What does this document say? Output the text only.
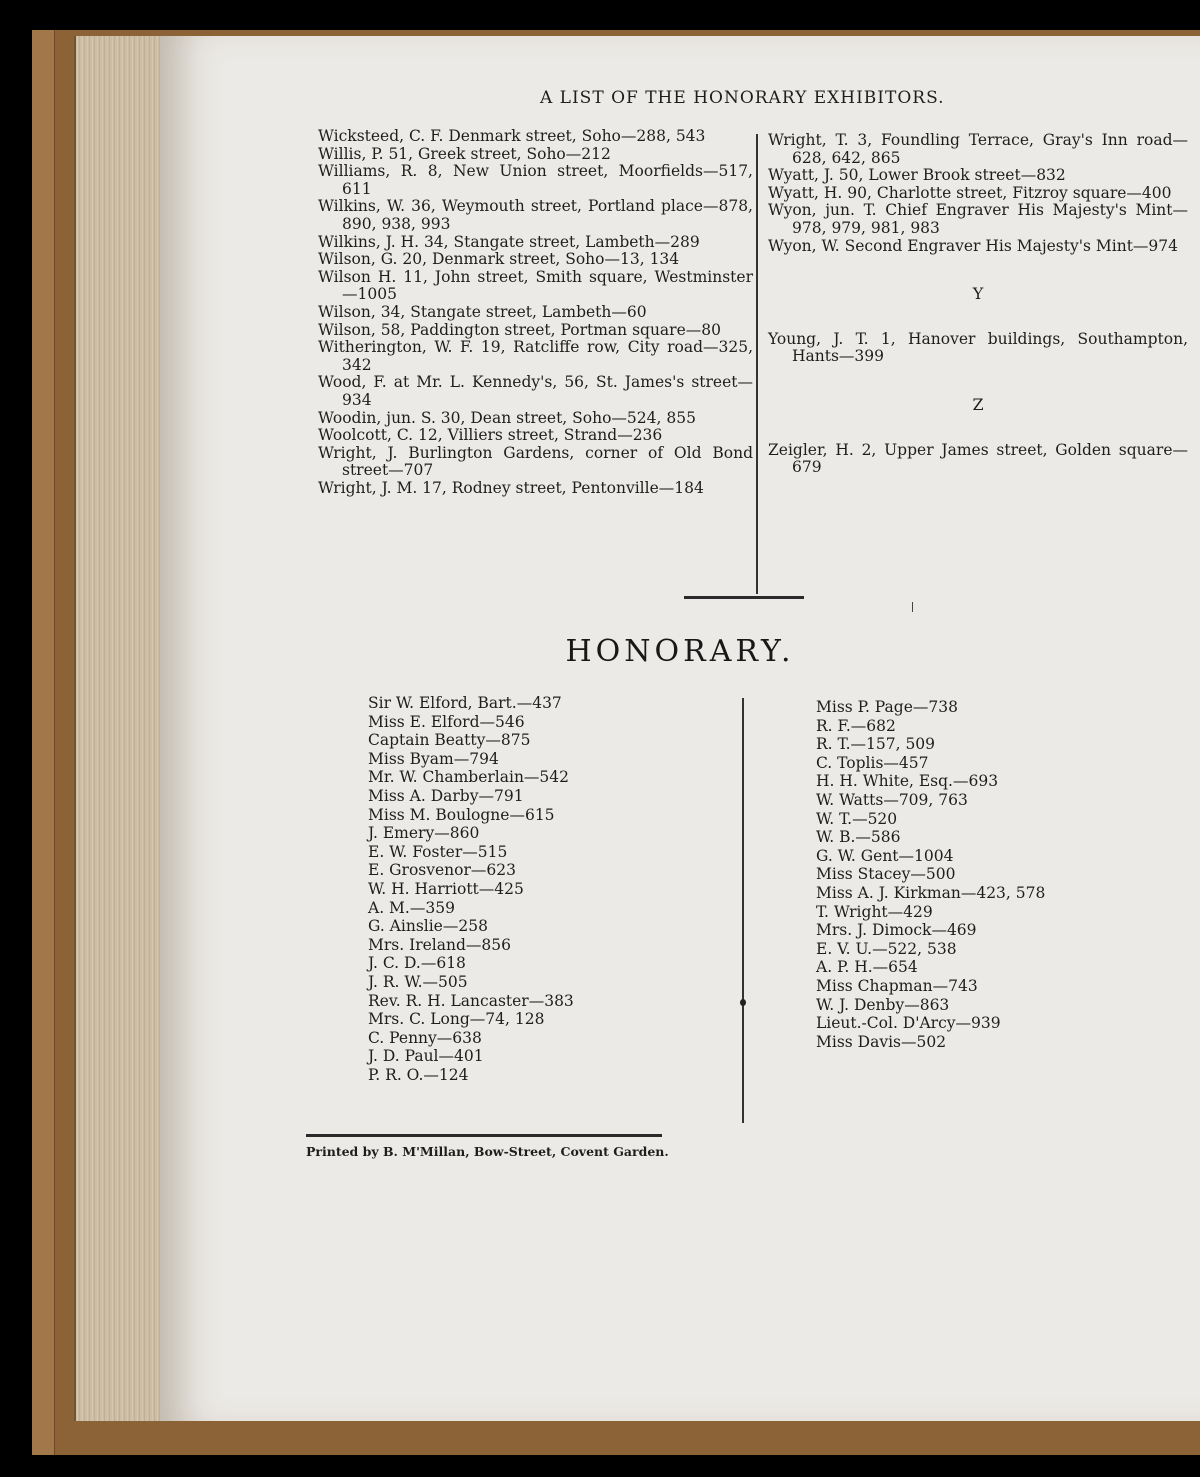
A LIST OF THE HONORARY EXHIBITORS.
Wicksteed, C. F. Denmark street, Soho—288, 543
Willis, P. 51, Greek street, Soho—212
Williams, R. 8, New Union street, Moorfields—517, 611
Wilkins, W. 36, Weymouth street, Portland place—878, 890, 938, 993
Wilkins, J. H. 34, Stangate street, Lambeth—289
Wilson, G. 20, Denmark street, Soho—13, 134
Wilson H. 11, John street, Smith square, Westminster—1005
Wilson, 34, Stangate street, Lambeth—60
Wilson, 58, Paddington street, Portman square—80
Witherington, W. F. 19, Ratcliffe row, City road—325, 342
Wood, F. at Mr. L. Kennedy's, 56, St. James's street—934
Woodin, jun. S. 30, Dean street, Soho—524, 855
Woolcott, C. 12, Villiers street, Strand—236
Wright, J. Burlington Gardens, corner of Old Bond street—707
Wright, J. M. 17, Rodney street, Pentonville—184
Wright, T. 3, Foundling Terrace, Gray's Inn road—628, 642, 865
Wyatt, J. 50, Lower Brook street—832
Wyatt, H. 90, Charlotte street, Fitzroy square—400
Wyon, jun. T. Chief Engraver His Majesty's Mint—978, 979, 981, 983
Wyon, W. Second Engraver His Majesty's Mint—974
Y
Young, J. T. 1, Hanover buildings, Southampton, Hants—399
Z
Zeigler, H. 2, Upper James street, Golden square—679
HONORARY.
Sir W. Elford, Bart.—437
Miss E. Elford—546
Captain Beatty—875
Miss Byam—794
Mr. W. Chamberlain—542
Miss A. Darby—791
Miss M. Boulogne—615
J. Emery—860
E. W. Foster—515
E. Grosvenor—623
W. H. Harriott—425
A. M.—359
G. Ainslie—258
Mrs. Ireland—856
J. C. D.—618
J. R. W.—505
Rev. R. H. Lancaster—383
Mrs. C. Long—74, 128
C. Penny—638
J. D. Paul—401
P. R. O.—124
Miss P. Page—738
R. F.—682
R. T.—157, 509
C. Toplis—457
H. H. White, Esq.—693
W. Watts—709, 763
W. T.—520
W. B.—586
G. W. Gent—1004
Miss Stacey—500
Miss A. J. Kirkman—423, 578
T. Wright—429
Mrs. J. Dimock—469
E. V. U.—522, 538
A. P. H.—654
Miss Chapman—743
W. J. Denby—863
Lieut.-Col. D'Arcy—939
Miss Davis—502
Printed by B. M'Millan, Bow-Street, Covent Garden.
